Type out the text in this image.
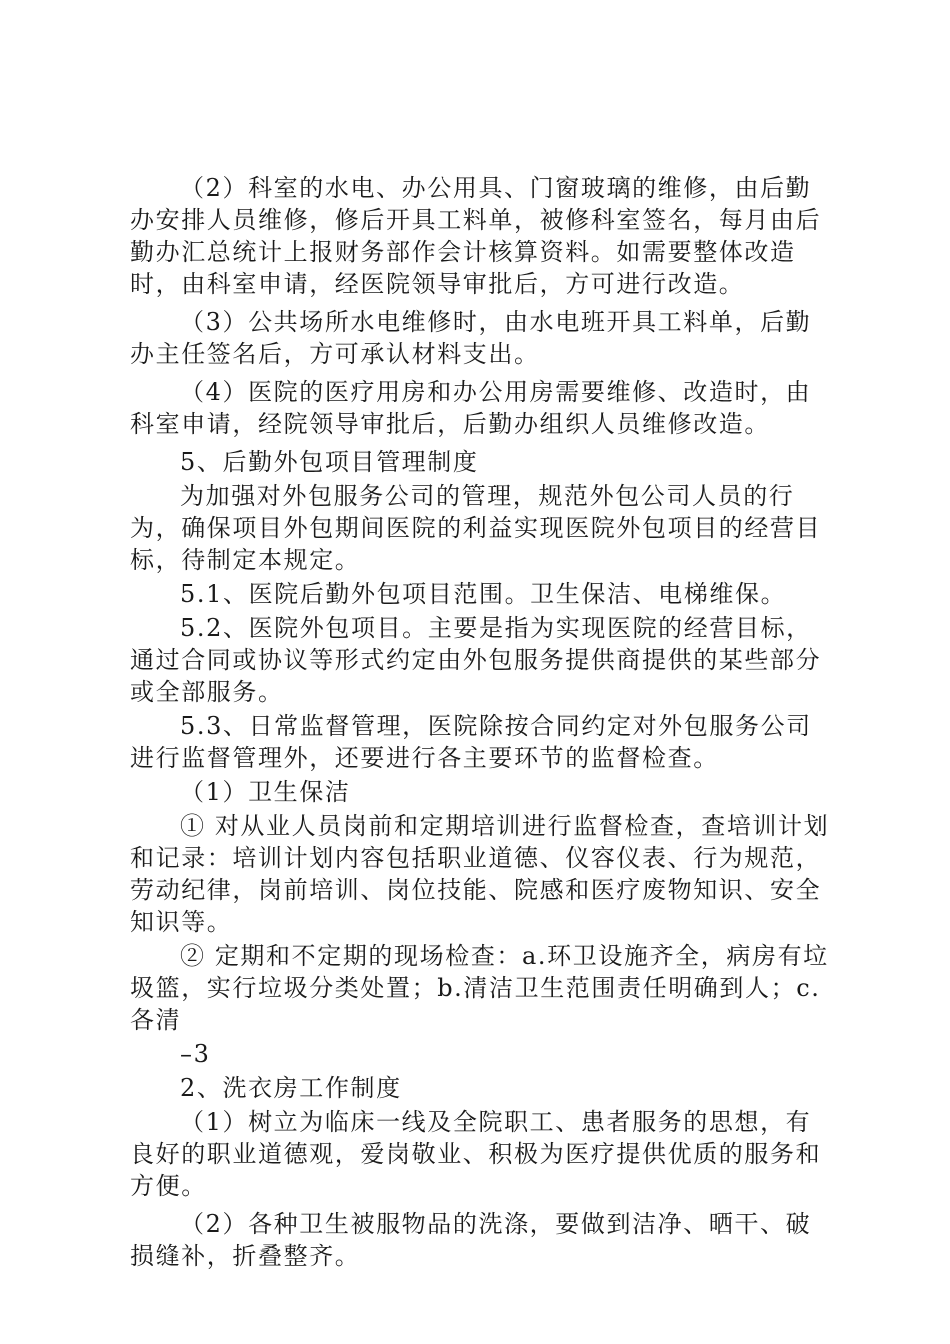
（2）科室的水电、办公用具、门窗玻璃的维修，由后勤办安排人员维修，修后开具工料单，被修科室签名，每月由后勤办汇总统计上报财务部作会计核算资料。如需要整体改造时，由科室申请，经医院领导审批后，方可进行改造。

（3）公共场所水电维修时，由水电班开具工料单，后勤办主任签名后，方可承认材料支出。

（4）医院的医疗用房和办公用房需要维修、改造时，由科室申请，经院领导审批后，后勤办组织人员维修改造。

5、后勤外包项目管理制度

为加强对外包服务公司的管理，规范外包公司人员的行为，确保项目外包期间医院的利益实现医院外包项目的经营目标，待制定本规定。

5.1、医院后勤外包项目范围。卫生保洁、电梯维保。

5.2、医院外包项目。主要是指为实现医院的经营目标，通过合同或协议等形式约定由外包服务提供商提供的某些部分或全部服务。

5.3、日常监督管理，医院除按合同约定对外包服务公司进行监督管理外，还要进行各主要环节的监督检查。

（1）卫生保洁

① 对从业人员岗前和定期培训进行监督检查，查培训计划和记录：培训计划内容包括职业道德、仪容仪表、行为规范，劳动纪律，岗前培训、岗位技能、院感和医疗废物知识、安全知识等。

② 定期和不定期的现场检查：a.环卫设施齐全，病房有垃圾篮，实行垃圾分类处置；b.清洁卫生范围责任明确到人；c.各清

–3

2、洗衣房工作制度

（1）树立为临床一线及全院职工、患者服务的思想，有良好的职业道德观，爱岗敬业、积极为医疗提供优质的服务和方便。

（2）各种卫生被服物品的洗涤，要做到洁净、晒干、破损缝补，折叠整齐。
